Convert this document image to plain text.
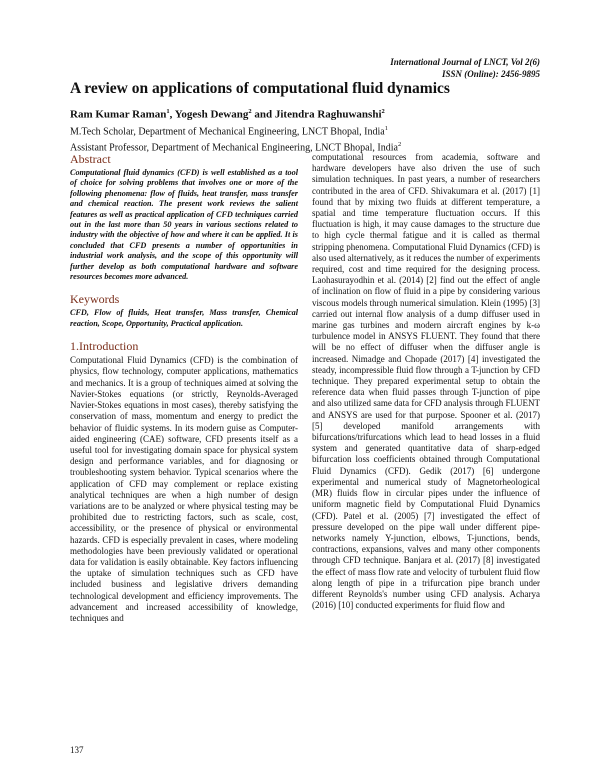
International Journal of LNCT, Vol 2(6)
ISSN (Online): 2456-9895
A review on applications of computational fluid dynamics
Ram Kumar Raman$^1$, Yogesh Dewang$^2$ and Jitendra Raghuwanshi$^2$
M.Tech Scholar, Department of Mechanical Engineering, LNCT Bhopal, India$^1$
Assistant Professor, Department of Mechanical Engineering, LNCT Bhopal, India$^2$
Abstract

Computational fluid dynamics (CFD) is well established as a tool of choice for solving problems that involves one or more of the following phenomena: flow of fluids, heat transfer, mass transfer and chemical reaction. The present work reviews the salient features as well as practical application of CFD techniques carried out in the last more than 50 years in various sections related to industry with the objective of how and where it can be applied. It is concluded that CFD presents a number of opportunities in industrial work analysis, and the scope of this opportunity will further develop as both computational hardware and software resources becomes more advanced.

Keywords

CFD, Flow of fluids, Heat transfer, Mass transfer, Chemical reaction, Scope, Opportunity, Practical application.

1.Introduction

Computational Fluid Dynamics (CFD) is the combination of physics, flow technology, computer applications, mathematics and mechanics. It is a group of techniques aimed at solving the Navier-Stokes equations (or strictly, Reynolds-Averaged Navier-Stokes equations in most cases), thereby satisfying the conservation of mass, momentum and energy to predict the behavior of fluidic systems. In its modern guise as Computer-aided engineering (CAE) software, CFD presents itself as a useful tool for investigating domain space for physical system design and performance variables, and for diagnosing or troubleshooting system behavior. Typical scenarios where the application of CFD may complement or replace existing analytical techniques are when a high number of design variations are to be analyzed or where physical testing may be prohibited due to restricting factors, such as scale, cost, accessibility, or the presence of physical or environmental hazards. CFD is especially prevalent in cases, where modeling methodologies have been previously validated or operational data for validation is easily obtainable. Key factors influencing the uptake of simulation techniques such as CFD have included business and legislative drivers demanding technological development and efficiency improvements. The advancement and increased accessibility of knowledge, techniques and

computational resources from academia, software and hardware developers have also driven the use of such simulation techniques. In past years, a number of researchers contributed in the area of CFD. Shivakumara et al. (2017) [1] found that by mixing two fluids at different temperature, a spatial and time temperature fluctuation occurs. If this fluctuation is high, it may cause damages to the structure due to high cycle thermal fatigue and it is called as thermal stripping phenomena. Computational Fluid Dynamics (CFD) is also used alternatively, as it reduces the number of experiments required, cost and time required for the designing process. Laohasurayodhin et al. (2014) [2] find out the effect of angle of inclination on flow of fluid in a pipe by considering various viscous models through numerical simulation. Klein (1995) [3] carried out internal flow analysis of a dump diffuser used in marine gas turbines and modern aircraft engines by k-ω turbulence model in ANSYS FLUENT. They found that there will be no effect of diffuser when the diffuser angle is increased. Nimadge and Chopade (2017) [4] investigated the steady, incompressible fluid flow through a T-junction by CFD technique. They prepared experimental setup to obtain the reference data when fluid passes through T-junction of pipe and also utilized same data for CFD analysis through FLUENT and ANSYS are used for that purpose. Spooner et al. (2017) [5] developed manifold arrangements with bifurcations/trifurcations which lead to head losses in a fluid system and generated quantitative data of sharp-edged bifurcation loss coefficients obtained through Computational Fluid Dynamics (CFD). Gedik (2017) [6] undergone experimental and numerical study of Magnetorheological (MR) fluids flow in circular pipes under the influence of uniform magnetic field by Computational Fluid Dynamics (CFD). Patel et al. (2005) [7] investigated the effect of pressure developed on the pipe wall under different pipe-networks namely Y-junction, elbows, T-junctions, bends, contractions, expansions, valves and many other components through CFD technique. Banjara et al. (2017) [8] investigated the effect of mass flow rate and velocity of turbulent fluid flow along length of pipe in a trifurcation pipe branch under different Reynolds's number using CFD analysis. Acharya (2016) [10] conducted experiments for fluid flow and

137
